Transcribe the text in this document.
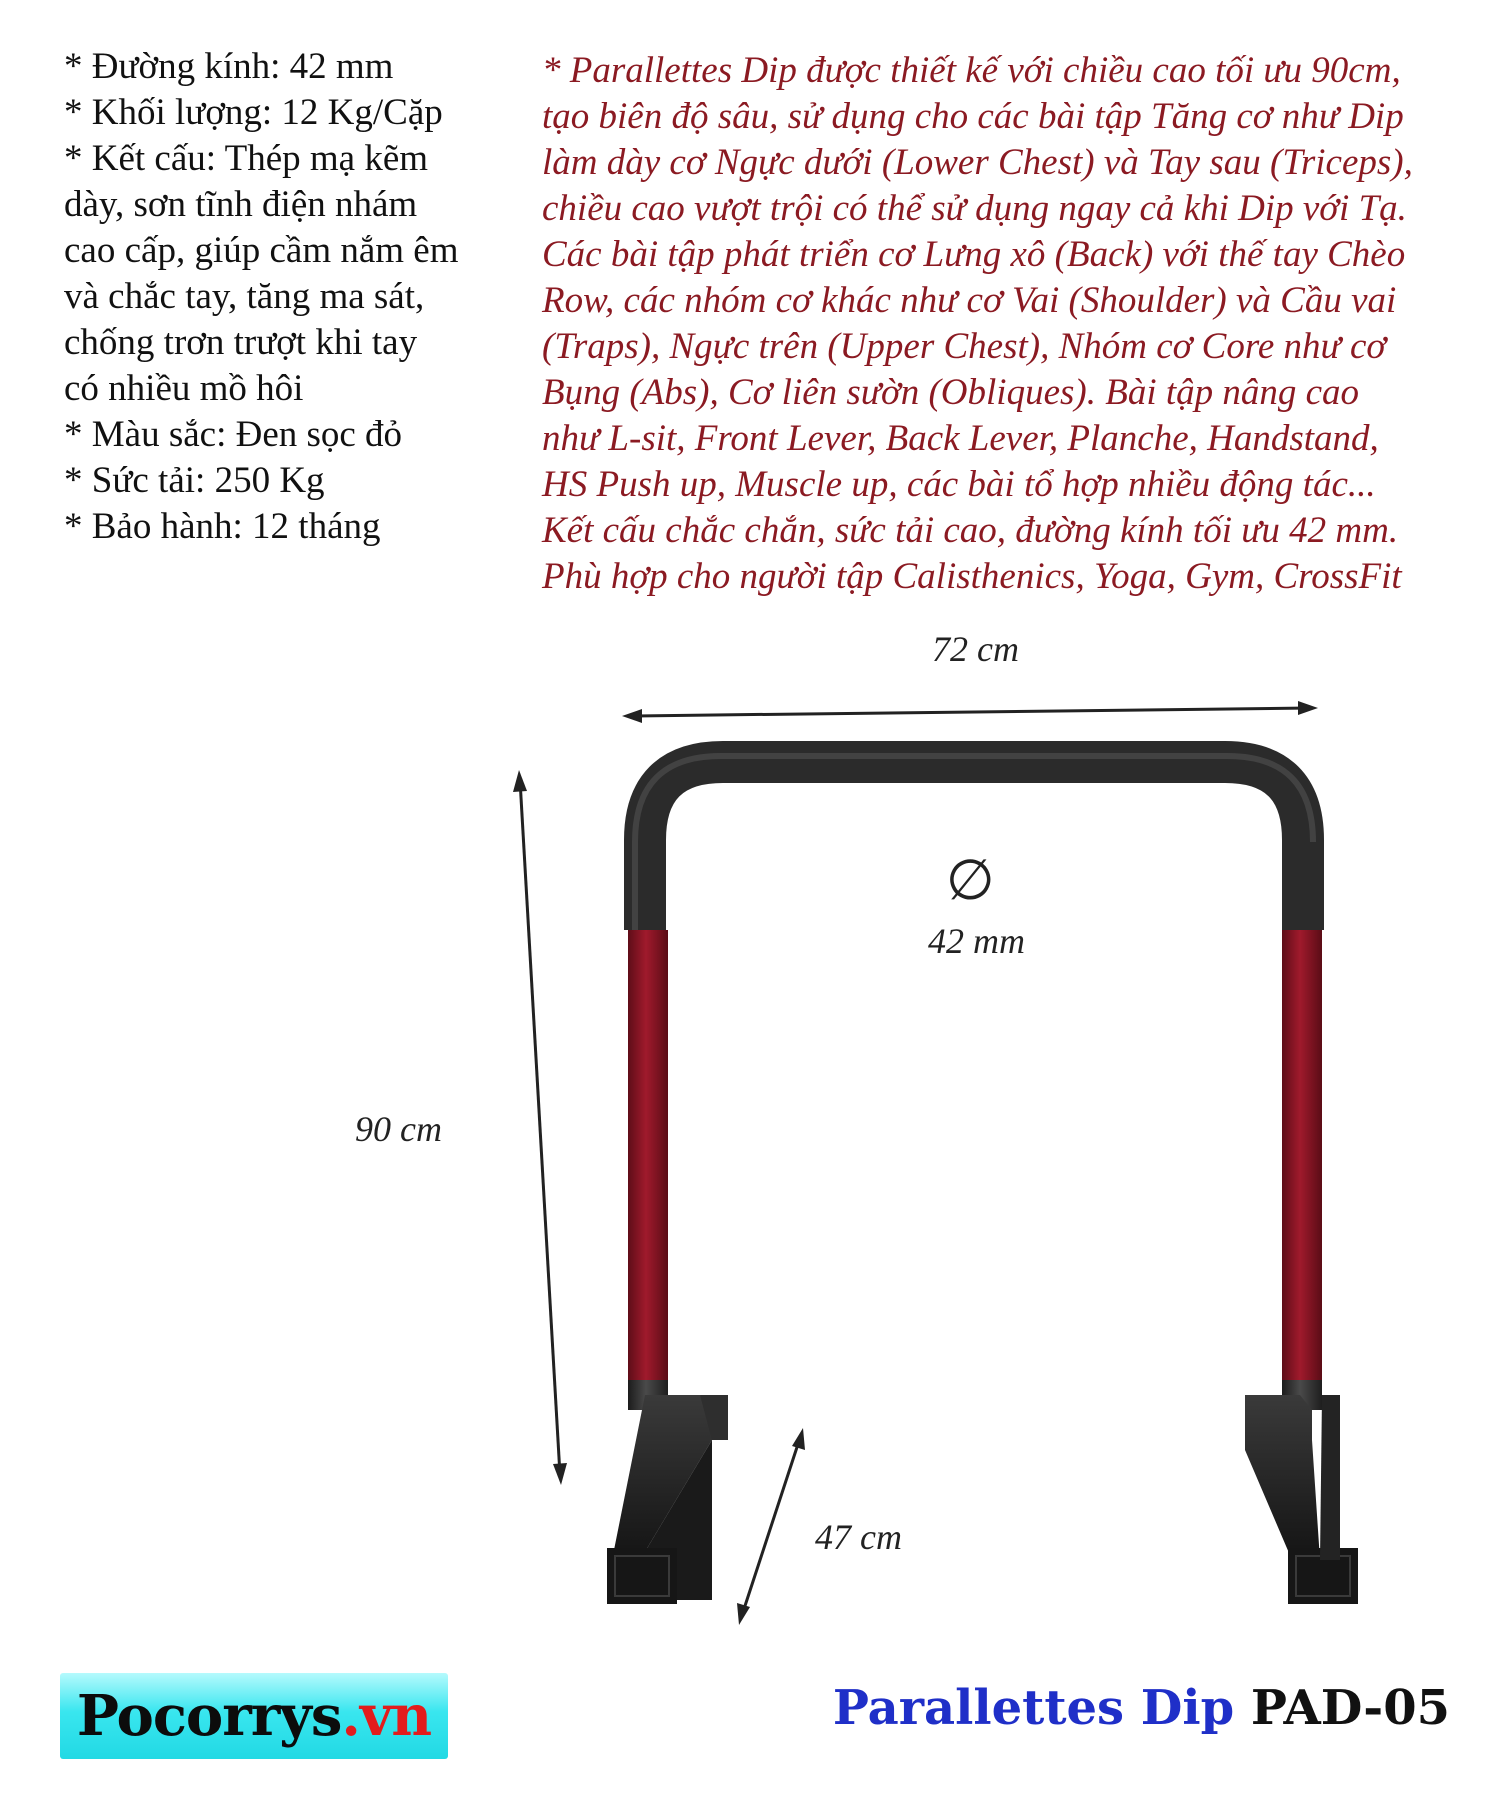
* Đường kính: 42 mm
* Khối lượng: 12 Kg/Cặp
* Kết cấu: Thép mạ kẽm
dày, sơn tĩnh điện nhám
cao cấp, giúp cầm nắm êm
và chắc tay, tăng ma sát,
chống trơn trượt khi tay
có nhiều mồ hôi
* Màu sắc: Đen sọc đỏ
* Sức tải: 250 Kg
* Bảo hành: 12 tháng
* Parallettes Dip được thiết kế với chiều cao tối ưu 90cm,
tạo biên độ sâu, sử dụng cho các bài tập Tăng cơ như Dip
làm dày cơ Ngực dưới (Lower Chest) và Tay sau (Triceps),
chiều cao vượt trội có thể sử dụng ngay cả khi Dip với Tạ.
Các bài tập phát triển cơ Lưng xô (Back) với thế tay Chèo
Row, các nhóm cơ khác như cơ Vai (Shoulder) và Cầu vai
(Traps), Ngực trên (Upper Chest), Nhóm cơ Core như cơ
Bụng (Abs), Cơ liên sườn (Obliques). Bài tập nâng cao
như L-sit, Front Lever, Back Lever, Planche, Handstand,
HS Push up, Muscle up, các bài tổ hợp nhiều động tác...
Kết cấu chắc chắn, sức tải cao, đường kính tối ưu 42 mm.
Phù hợp cho người tập Calisthenics, Yoga, Gym, CrossFit
72 cm
90 cm
47 cm
∅
42 mm
Pocorrys.vn	Parallettes Dip PAD-05
